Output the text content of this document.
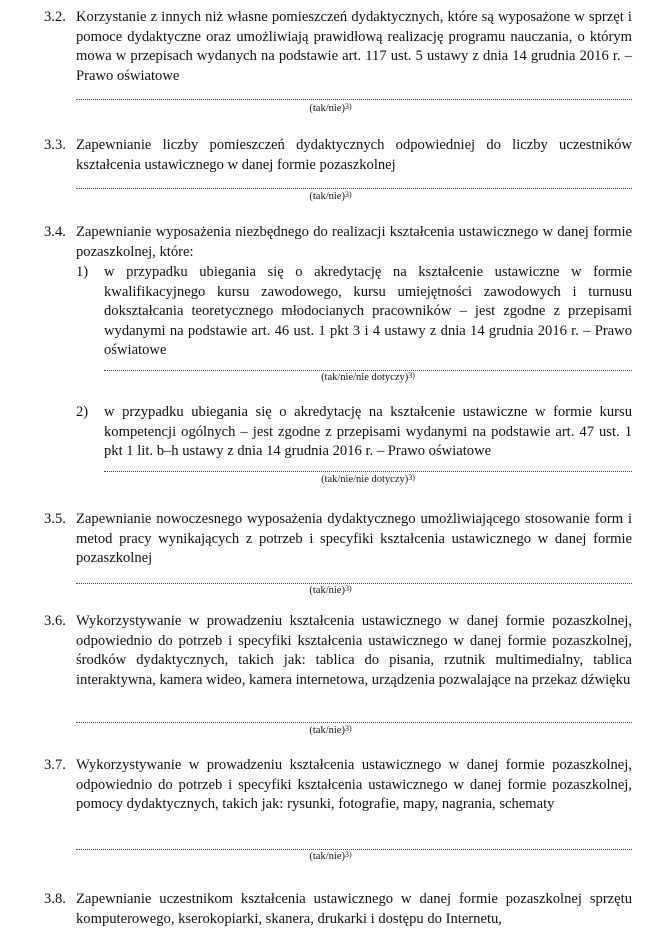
3.2. Korzystanie z innych niż własne pomieszczeń dydaktycznych, które są wyposażone w sprzęt i pomoce dydaktyczne oraz umożliwiają prawidłową realizację programu nauczania, o którym mowa w przepisach wydanych na podstawie art. 117 ust. 5 ustawy z dnia 14 grudnia 2016 r. – Prawo oświatowe
$(tak/nie)^{3)}$
3.3. Zapewnianie liczby pomieszczeń dydaktycznych odpowiedniej do liczby uczestników kształcenia ustawicznego w danej formie pozaszkolnej
$(tak/nie)^{3)}$
3.4. Zapewnianie wyposażenia niezbędnego do realizacji kształcenia ustawicznego w danej formie pozaszkolnej, które:
1) w przypadku ubiegania się o akredytację na kształcenie ustawiczne w formie kwalifikacyjnego kursu zawodowego, kursu umiejętności zawodowych i turnusu dokształcania teoretycznego młodocianych pracowników – jest zgodne z przepisami wydanymi na podstawie art. 46 ust. 1 pkt 3 i 4 ustawy z dnia 14 grudnia 2016 r. – Prawo oświatowe
(tak/nie/nie dotyczy)$^{3)}$
2) w przypadku ubiegania się o akredytację na kształcenie ustawiczne w formie kursu kompetencji ogólnych – jest zgodne z przepisami wydanymi na podstawie art. 47 ust. 1 pkt 1 lit. b–h ustawy z dnia 14 grudnia 2016 r. – Prawo oświatowe
(tak/nie/nie dotyczy)$^{3)}$
3.5. Zapewnianie nowoczesnego wyposażenia dydaktycznego umożliwiającego stosowanie form i metod pracy wynikających z potrzeb i specyfiki kształcenia ustawicznego w danej formie pozaszkolnej
$(tak/nie)^{3)}$
3.6. Wykorzystywanie w prowadzeniu kształcenia ustawicznego w danej formie pozaszkolnej, odpowiednio do potrzeb i specyfiki kształcenia ustawicznego w danej formie pozaszkolnej, środków dydaktycznych, takich jak: tablica do pisania, rzutnik multimedialny, tablica interaktywna, kamera wideo, kamera internetowa, urządzenia pozwalające na przekaz dźwięku
$(tak/nie)^{3)}$
3.7. Wykorzystywanie w prowadzeniu kształcenia ustawicznego w danej formie pozaszkolnej, odpowiednio do potrzeb i specyfiki kształcenia ustawicznego w danej formie pozaszkolnej, pomocy dydaktycznych, takich jak: rysunki, fotografie, mapy, nagrania, schematy
$(tak/nie)^{3)}$
3.8. Zapewnianie uczestnikom kształcenia ustawicznego w danej formie pozaszkolnej sprzętu komputerowego, kserokopiarki, skanera, drukarki i dostępu do Internetu,
